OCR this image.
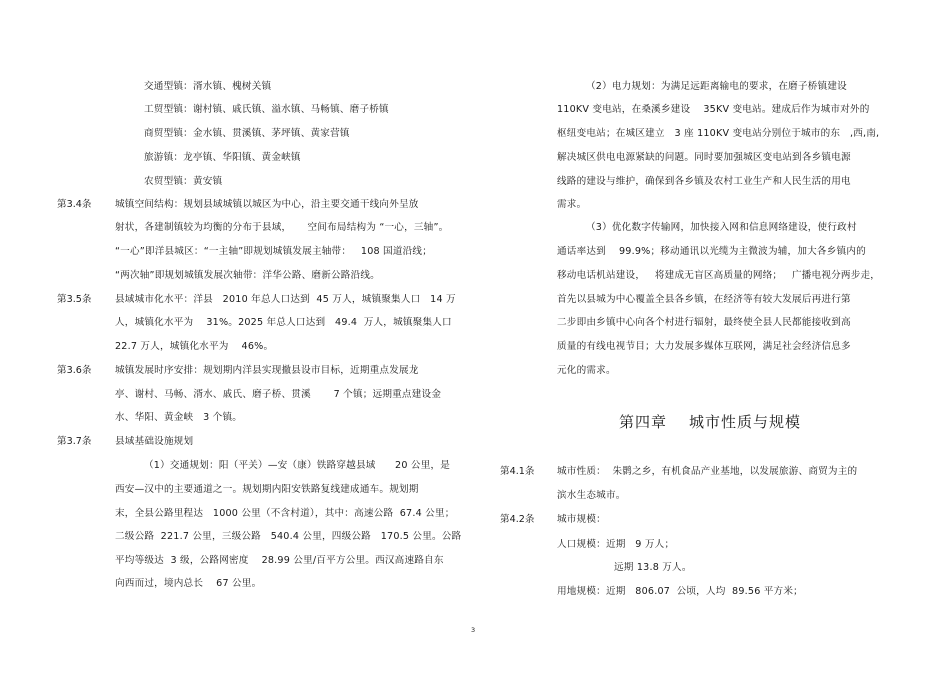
交通型镇：湑水镇、槐树关镇
工贸型镇：谢村镇、戚氏镇、溢水镇、马畅镇、磨子桥镇
商贸型镇：金水镇、贯溪镇、茅坪镇、黄家营镇
旅游镇：龙亭镇、华阳镇、黄金峡镇
农贸型镇：黄安镇
第3.4条 城镇空间结构：规划县域城镇以城区为中心，沿主要交通干线向外呈放
射状，各建制镇较为均衡的分布于县域，     空间布局结构为 “一心，三轴”。
“一心”即洋县城区：“一主轴”即规划城镇发展主轴带：   108 国道沿线；
“两次轴”即规划城镇发展次轴带：洋华公路、磨新公路沿线。
第3.5条 县域城市化水平：洋县   2010 年总人口达到  45 万人，城镇聚集人口   14 万
人，城镇化水平为    31%。2025 年总人口达到   49.4  万人，城镇聚集人口
22.7 万人，城镇化水平为    46%。
第3.6条 城镇发展时序安排：规划期内洋县实现撤县设市目标，近期重点发展龙
亭、谢村、马畅、湑水、戚氏、磨子桥、贯溪       7 个镇；远期重点建设金
水、华阳、黄金峡   3 个镇。
第3.7条 县域基础设施规划
（1）交通规划：阳（平关）—安（康）铁路穿越县域      20 公里，是
西安—汉中的主要通道之一。规划期内阳安铁路复线建成通车。规划期
末，全县公路里程达   1000 公里（不含村道），其中：高速公路  67.4 公里；
二级公路  221.7 公里，三级公路   540.4 公里，四级公路   170.5 公里。公路
平均等级达  3 级，公路网密度    28.99 公里/百平方公里。西汉高速路自东
向西而过，境内总长    67 公里。
（2）电力规划：为满足远距离输电的要求，在磨子桥镇建设
110KV 变电站，在桑溪乡建设    35KV 变电站。建成后作为城市对外的
枢纽变电站；在城区建立   3 座 110KV 变电站分别位于城市的东   ,西,南,
解决城区供电电源紧缺的问题。同时要加强城区变电站到各乡镇电源
线路的建设与维护，确保到各乡镇及农村工业生产和人民生活的用电
需求。
（3）优化数字传输网，加快接入网和信息网络建设，使行政村
通话率达到    99.9%；移动通讯以光缆为主微波为辅，加大各乡镇内的
移动电话机站建设，   将建成无盲区高质量的网络；   广播电视分两步走，
首先以县城为中心覆盖全县各乡镇，在经济等有较大发展后再进行第
二步即由乡镇中心向各个村进行辐射，最终使全县人民都能接收到高
质量的有线电视节目；大力发展多媒体互联网，满足社会经济信息多
元化的需求。
第四章 城市性质与规模
第4.1条 城市性质：  朱鹮之乡，有机食品产业基地，以发展旅游、商贸为主的
滨水生态城市。
第4.2条 城市规模：
人口规模：近期   9 万人；
远期 13.8 万人。
用地规模：近期   806.07  公顷，人均  89.56 平方米；
3
